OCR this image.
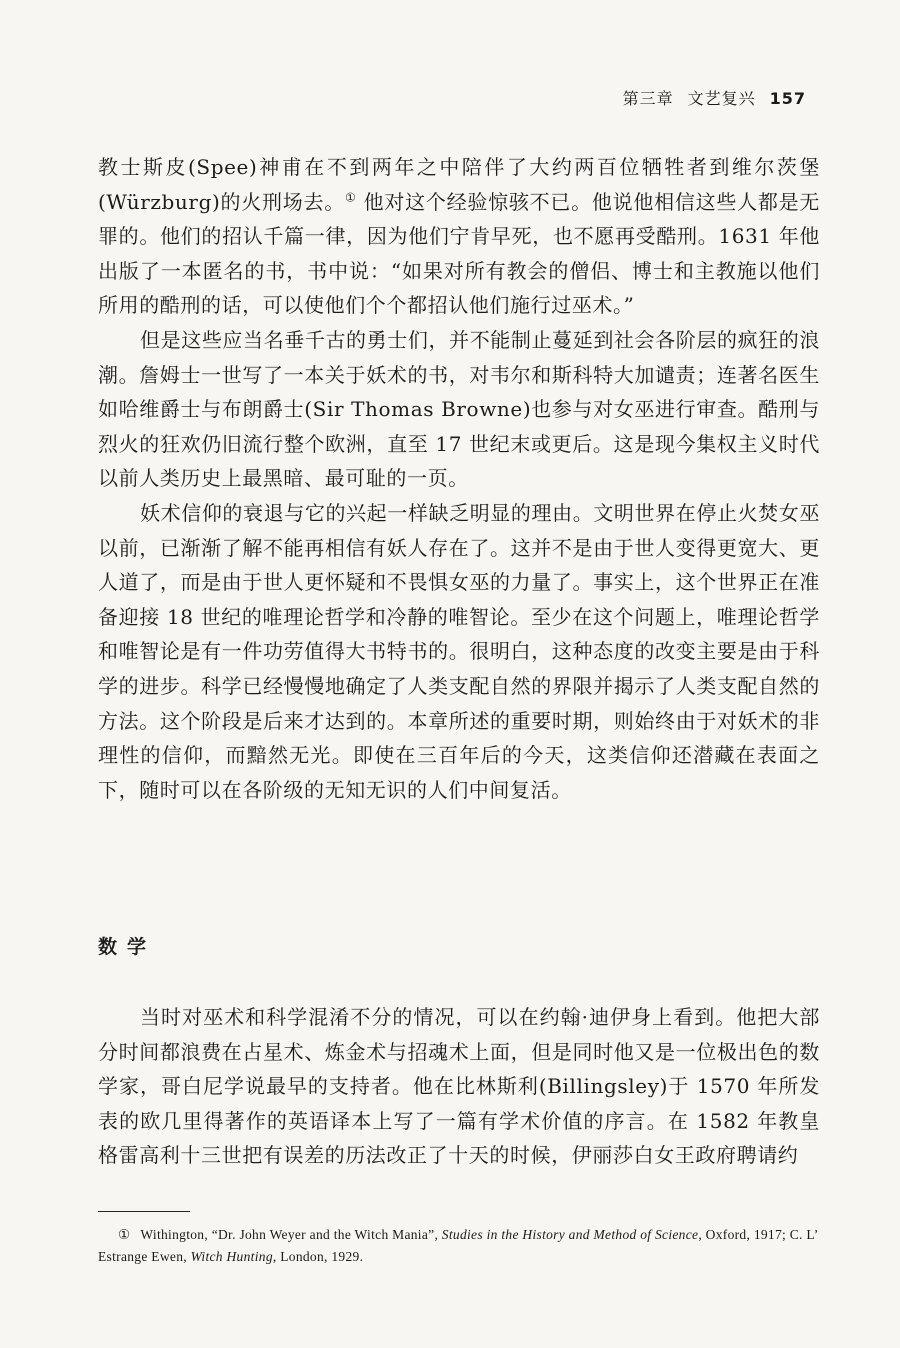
第三章 文艺复兴 157

教士斯皮(Spee)神甫在不到两年之中陪伴了大约两百位牺牲者到维尔茨堡(Würzburg)的火刑场去。① 他对这个经验惊骇不已。他说他相信这些人都是无罪的。他们的招认千篇一律，因为他们宁肯早死，也不愿再受酷刑。1631 年他出版了一本匿名的书，书中说：“如果对所有教会的僧侣、博士和主教施以他们所用的酷刑的话，可以使他们个个都招认他们施行过巫术。”

但是这些应当名垂千古的勇士们，并不能制止蔓延到社会各阶层的疯狂的浪潮。詹姆士一世写了一本关于妖术的书，对韦尔和斯科特大加谴责；连著名医生如哈维爵士与布朗爵士(Sir Thomas Browne)也参与对女巫进行审查。酷刑与烈火的狂欢仍旧流行整个欧洲，直至 17 世纪末或更后。这是现今集权主义时代以前人类历史上最黑暗、最可耻的一页。

妖术信仰的衰退与它的兴起一样缺乏明显的理由。文明世界在停止火焚女巫以前，已渐渐了解不能再相信有妖人存在了。这并不是由于世人变得更宽大、更人道了，而是由于世人更怀疑和不畏惧女巫的力量了。事实上，这个世界正在准备迎接 18 世纪的唯理论哲学和冷静的唯智论。至少在这个问题上，唯理论哲学和唯智论是有一件功劳值得大书特书的。很明白，这种态度的改变主要是由于科学的进步。科学已经慢慢地确定了人类支配自然的界限并揭示了人类支配自然的方法。这个阶段是后来才达到的。本章所述的重要时期，则始终由于对妖术的非理性的信仰，而黯然无光。即使在三百年后的今天，这类信仰还潜藏在表面之下，随时可以在各阶级的无知无识的人们中间复活。

数学

当时对巫术和科学混淆不分的情况，可以在约翰·迪伊身上看到。他把大部分时间都浪费在占星术、炼金术与招魂术上面，但是同时他又是一位极出色的数学家，哥白尼学说最早的支持者。他在比林斯利(Billingsley)于 1570 年所发表的欧几里得著作的英语译本上写了一篇有学术价值的序言。在 1582 年教皇格雷高利十三世把有误差的历法改正了十天的时候，伊丽莎白女王政府聘请约

① Withington, “Dr. John Weyer and the Witch Mania”, Studies in the History and Method of Science, Oxford, 1917; C. L’ Estrange Ewen, Witch Hunting, London, 1929.
